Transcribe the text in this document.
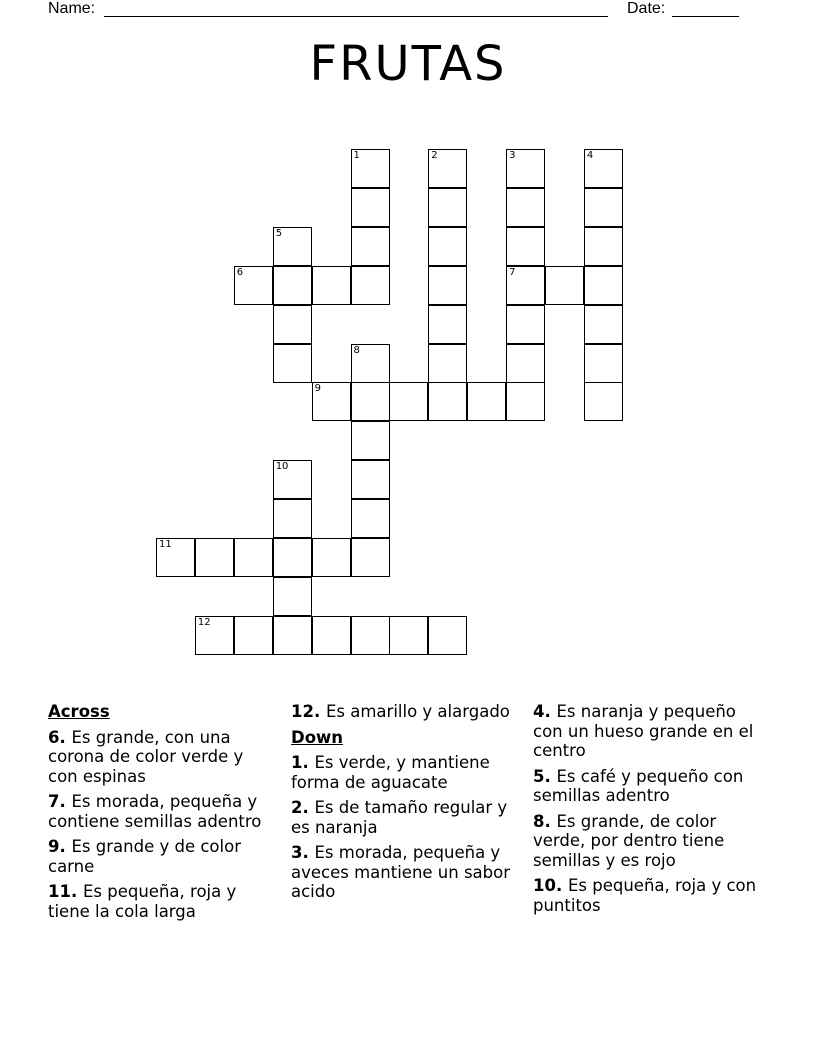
Name:	Date:
FRUTAS
1	2	3
7
4
5
6
8
9
10
11
12
Across
6. Es grande, con una corona de color verde y con espinas
7. Es morada, pequeña y contiene semillas adentro
9. Es grande y de color carne
11. Es pequeña, roja y tiene la cola larga
12. Es amarillo y alargado
Down
1. Es verde, y mantiene forma de aguacate
2. Es de tamaño regular y es naranja
3. Es morada, pequeña y aveces mantiene un sabor acido
4. Es naranja y pequeño con un hueso grande en el centro
5. Es café y pequeño con semillas adentro
8. Es grande, de color verde, por dentro tiene semillas y es rojo
10. Es pequeña, roja y con puntitos
